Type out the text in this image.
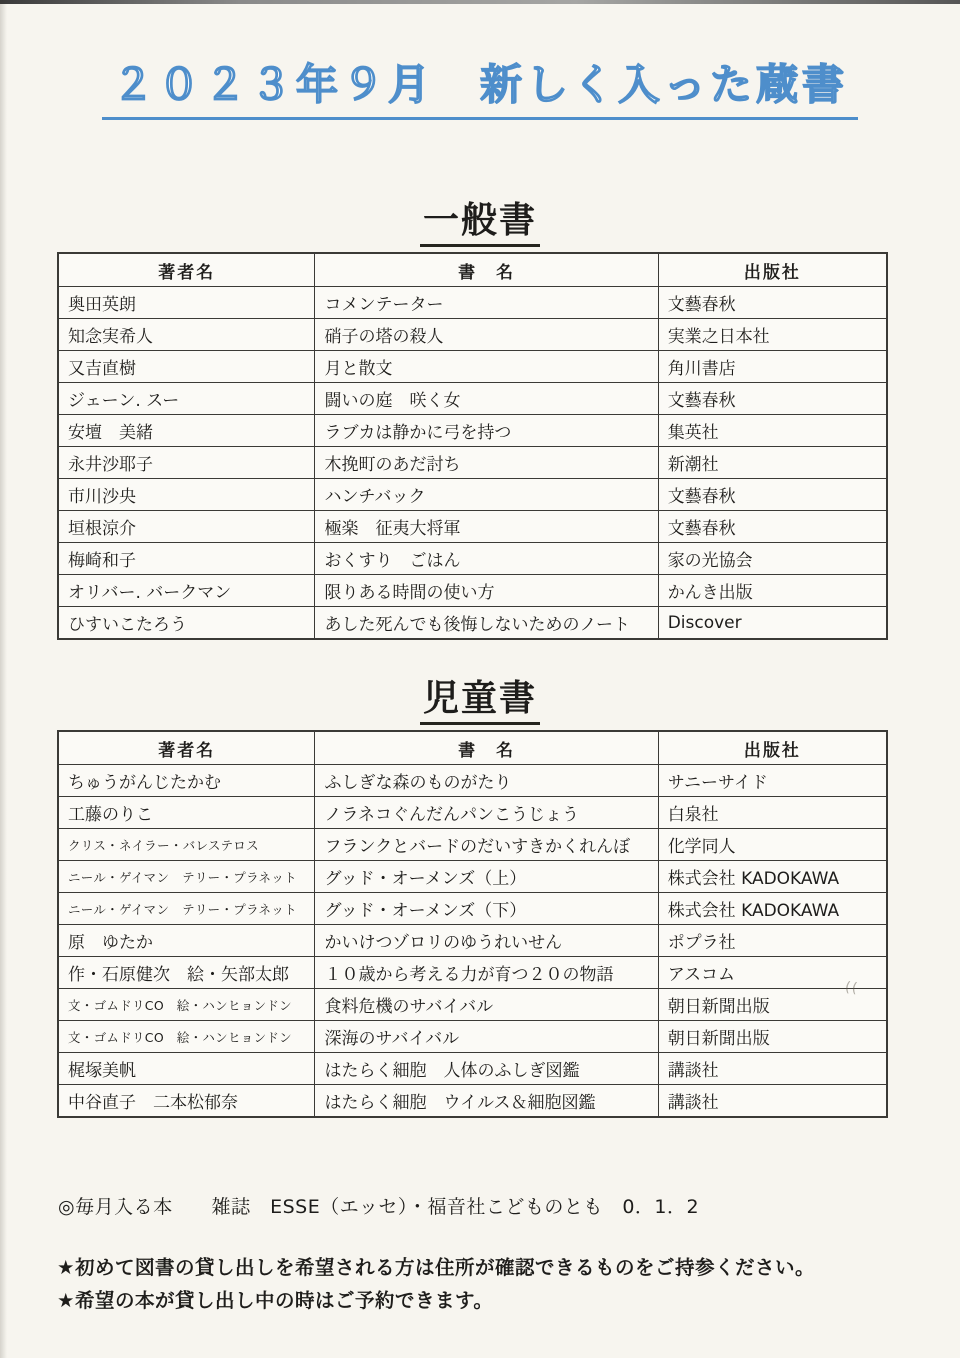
２０２３年９月　新しく入った蔵書
一般書
著者名	書　名	出版社
奥田英朗	コメンテーター	文藝春秋
知念実希人	硝子の塔の殺人	実業之日本社
又吉直樹	月と散文	角川書店
ジェーン. スー	闘いの庭　咲く女	文藝春秋
安壇　美緒	ラブカは静かに弓を持つ	集英社
永井沙耶子	木挽町のあだ討ち	新潮社
市川沙央	ハンチバック	文藝春秋
垣根涼介	極楽　征夷大将軍	文藝春秋
梅崎和子	おくすり　ごはん	家の光協会
オリバー. バークマン	限りある時間の使い方	かんき出版
ひすいこたろう	あした死んでも後悔しないためのノート	Discover
児童書
著者名	書　名	出版社
ちゅうがんじたかむ	ふしぎな森のものがたり	サニーサイド
工藤のりこ	ノラネコぐんだんパンこうじょう	白泉社
クリス・ネイラー・バレステロス	フランクとバードのだいすきかくれんぼ	化学同人
ニール・ゲイマン　テリー・プラネット	グッド・オーメンズ（上）	株式会社 KADOKAWA
ニール・ゲイマン　テリー・プラネット	グッド・オーメンズ（下）	株式会社 KADOKAWA
原　ゆたか	かいけつゾロリのゆうれいせん	ポプラ社
作・石原健次　絵・矢部太郎	１０歳から考える力が育つ２０の物語	アスコム
文・ゴムドリCO　絵・ハンヒョンドン	食料危機のサバイバル	朝日新聞出版
文・ゴムドリCO　絵・ハンヒョンドン	深海のサバイバル	朝日新聞出版
梶塚美帆	はたらく細胞　人体のふしぎ図鑑	講談社
中谷直子　二本松郁奈	はたらく細胞　ウイルス＆細胞図鑑	講談社
◎毎月入る本　　雑誌　ESSE（エッセ）・福音社こどものとも　0．1．2
★初めて図書の貸し出しを希望される方は住所が確認できるものをご持参ください。
★希望の本が貸し出し中の時はご予約できます。
( (
